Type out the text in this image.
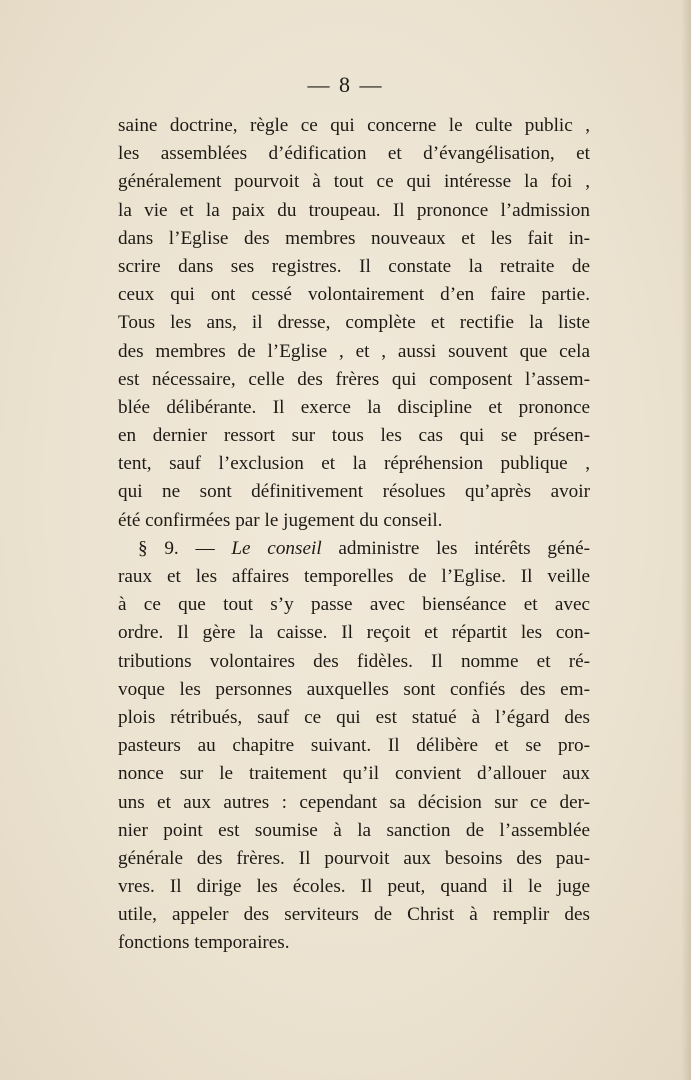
— 8 —
saine doctrine, règle ce qui concerne le culte public ,
les assemblées d’édification et d’évangélisation, et
généralement pourvoit à tout ce qui intéresse la foi ,
la vie et la paix du troupeau. Il prononce l’admission
dans l’Eglise des membres nouveaux et les fait in-
scrire dans ses registres. Il constate la retraite de
ceux qui ont cessé volontairement d’en faire partie.
Tous les ans, il dresse, complète et rectifie la liste
des membres de l’Eglise , et , aussi souvent que cela
est nécessaire, celle des frères qui composent l’assem-
blée délibérante. Il exerce la discipline et prononce
en dernier ressort sur tous les cas qui se présen-
tent, sauf l’exclusion et la répréhension publique ,
qui ne sont définitivement résolues qu’après avoir
été confirmées par le jugement du conseil.
§ 9. — Le conseil administre les intérêts géné-
raux et les affaires temporelles de l’Eglise. Il veille
à ce que tout s’y passe avec bienséance et avec
ordre. Il gère la caisse. Il reçoit et répartit les con-
tributions volontaires des fidèles. Il nomme et ré-
voque les personnes auxquelles sont confiés des em-
plois rétribués, sauf ce qui est statué à l’égard des
pasteurs au chapitre suivant. Il délibère et se pro-
nonce sur le traitement qu’il convient d’allouer aux
uns et aux autres : cependant sa décision sur ce der-
nier point est soumise à la sanction de l’assemblée
générale des frères. Il pourvoit aux besoins des pau-
vres. Il dirige les écoles. Il peut, quand il le juge
utile, appeler des serviteurs de Christ à remplir des
fonctions temporaires.
